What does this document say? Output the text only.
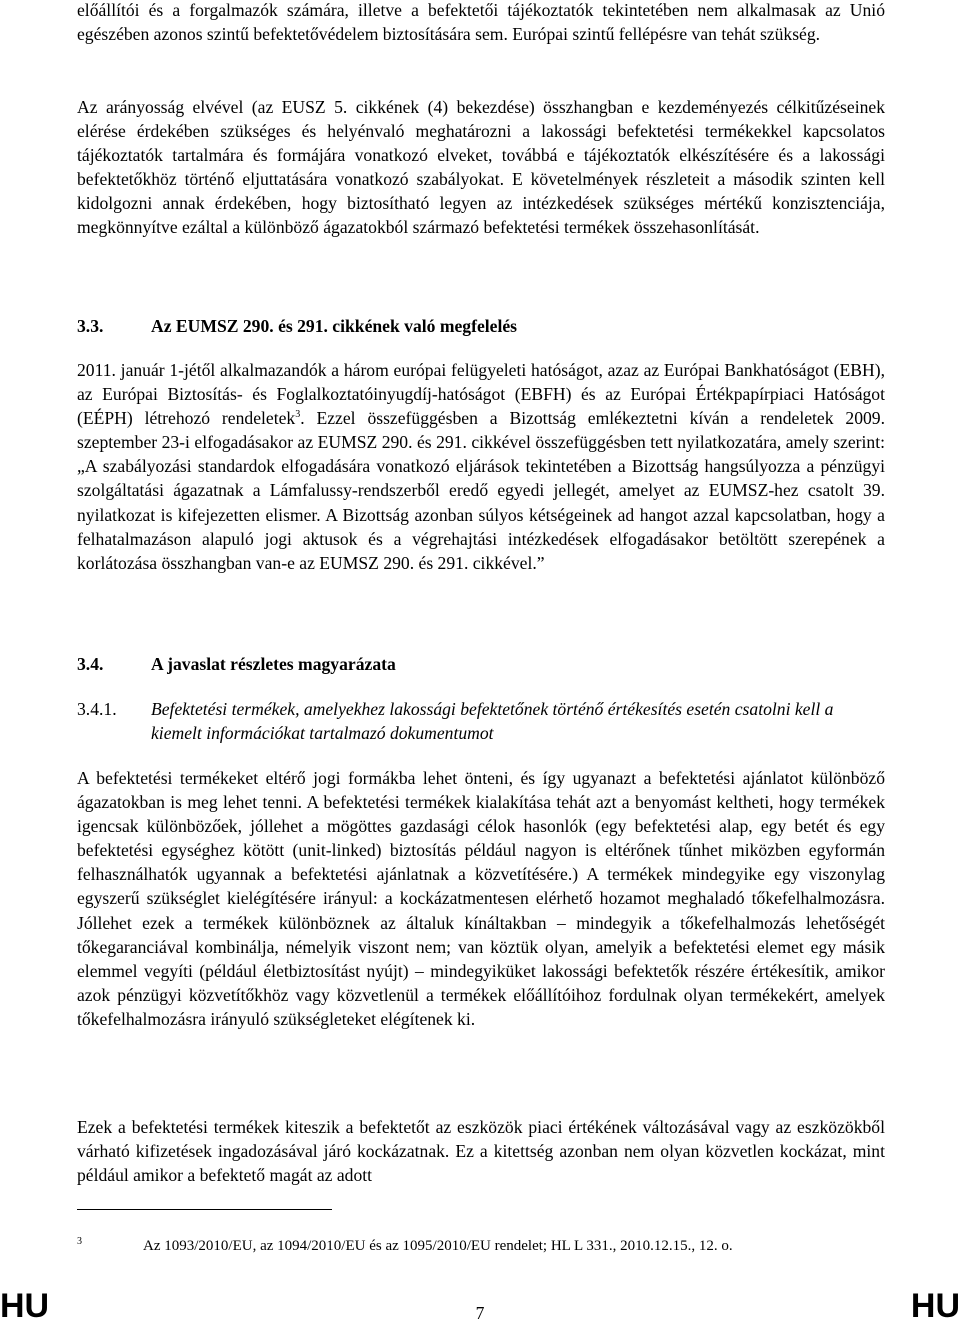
előállítói és a forgalmazók számára, illetve a befektetői tájékoztatók tekintetében nem alkalmasak az Unió egészében azonos szintű befektetővédelem biztosítására sem. Európai szintű fellépésre van tehát szükség.

Az arányosság elvével (az EUSZ 5. cikkének (4) bekezdése) összhangban e kezdeményezés célkitűzéseinek elérése érdekében szükséges és helyénvaló meghatározni a lakossági befektetési termékekkel kapcsolatos tájékoztatók tartalmára és formájára vonatkozó elveket, továbbá e tájékoztatók elkészítésére és a lakossági befektetőkhöz történő eljuttatására vonatkozó szabályokat. E követelmények részleteit a második szinten kell kidolgozni annak érdekében, hogy biztosítható legyen az intézkedések szükséges mértékű konzisztenciája, megkönnyítve ezáltal a különböző ágazatokból származó befektetési termékek összehasonlítását.

2011. január 1-jétől alkalmazandók a három európai felügyeleti hatóságot, azaz az Európai Bankhatóságot (EBH), az Európai Biztosítás- és Foglalkoztatóinyugdíj-hatóságot (EBFH) és az Európai Értékpapírpiaci Hatóságot (EÉPH) létrehozó rendeletek$^3$. Ezzel összefüggésben a Bizottság emlékeztetni kíván a rendeletek 2009. szeptember 23-i elfogadásakor az EUMSZ 290. és 291. cikkével összefüggésben tett nyilatkozatára, amely szerint: „A szabályozási standardok elfogadására vonatkozó eljárások tekintetében a Bizottság hangsúlyozza a pénzügyi szolgáltatási ágazatnak a Lámfalussy-rendszerből eredő egyedi jellegét, amelyet az EUMSZ-hez csatolt 39. nyilatkozat is kifejezetten elismer. A Bizottság azonban súlyos kétségeinek ad hangot azzal kapcsolatban, hogy a felhatalmazáson alapuló jogi aktusok és a végrehajtási intézkedések elfogadásakor betöltött szerepének a korlátozása összhangban van-e az EUMSZ 290. és 291. cikkével.”

A befektetési termékeket eltérő jogi formákba lehet önteni, és így ugyanazt a befektetési ajánlatot különböző ágazatokban is meg lehet tenni. A befektetési termékek kialakítása tehát azt a benyomást keltheti, hogy termékek igencsak különbözőek, jóllehet a mögöttes gazdasági célok hasonlók (egy befektetési alap, egy betét és egy befektetési egységhez kötött (unit-linked) biztosítás például nagyon is eltérőnek tűnhet miközben egyformán felhasználhatók ugyannak a befektetési ajánlatnak a közvetítésére.) A termékek mindegyike egy viszonylag egyszerű szükséglet kielégítésére irányul: a kockázatmentesen elérhető hozamot meghaladó tőkefelhalmozásra. Jóllehet ezek a termékek különböznek az általuk kínáltakban – mindegyik a tőkefelhalmozás lehetőségét tőkegaranciával kombinálja, némelyik viszont nem; van köztük olyan, amelyik a befektetési elemet egy másik elemmel vegyíti (például életbiztosítást nyújt) – mindegyiküket lakossági befektetők részére értékesítik, amikor azok pénzügyi közvetítőkhöz vagy közvetlenül a termékek előállítóihoz fordulnak olyan termékekért, amelyek tőkefelhalmozásra irányuló szükségleteket elégítenek ki.

Ezek a befektetési termékek kiteszik a befektetőt az eszközök piaci értékének változásával vagy az eszközökből várható kifizetések ingadozásával járó kockázatnak. Ez a kitettség azonban nem olyan közvetlen kockázat, mint például amikor a befektető magát az adott

3.3.	Az EUMSZ 290. és 291. cikkének való megfelelés
3.4.	A javaslat részletes magyarázata
3.4.1. Befektetési termékek, amelyekhez lakossági befektetőnek történő értékesítés esetén csatolni kell a kiemelt információkat tartalmazó dokumentumot
3	Az 1093/2010/EU, az 1094/2010/EU és az 1095/2010/EU rendelet; HL L 331., 2010.12.15., 12. o.
HU	7	HU
